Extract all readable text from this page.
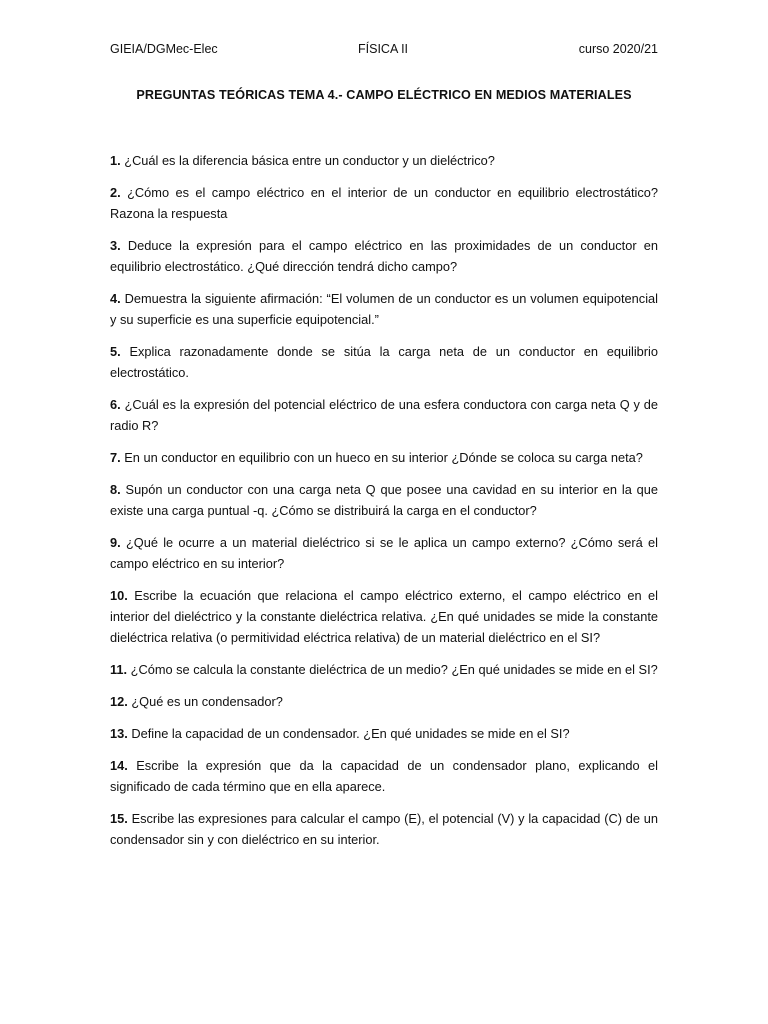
GIEIA/DGMec-Elec	FÍSICA II	curso 2020/21
PREGUNTAS TEÓRICAS TEMA 4.- CAMPO ELÉCTRICO EN MEDIOS MATERIALES

1. ¿Cuál es la diferencia básica entre un conductor y un dieléctrico?

2. ¿Cómo es el campo eléctrico en el interior de un conductor en equilibrio electrostático? Razona la respuesta

3. Deduce la expresión para el campo eléctrico en las proximidades de un conductor en equilibrio electrostático. ¿Qué dirección tendrá dicho campo?

4. Demuestra la siguiente afirmación: “El volumen de un conductor es un volumen equipotencial y su superficie es una superficie equipotencial.”

5. Explica razonadamente donde se sitúa la carga neta de un conductor en equilibrio electrostático.

6. ¿Cuál es la expresión del potencial eléctrico de una esfera conductora con carga neta Q y de radio R?

7. En un conductor en equilibrio con un hueco en su interior ¿Dónde se coloca su carga neta?

8. Supón un conductor con una carga neta Q que posee una cavidad en su interior en la que existe una carga puntual -q. ¿Cómo se distribuirá la carga en el conductor?

9. ¿Qué le ocurre a un material dieléctrico si se le aplica un campo externo? ¿Cómo será el campo eléctrico en su interior?

10. Escribe la ecuación que relaciona el campo eléctrico externo, el campo eléctrico en el interior del dieléctrico y la constante dieléctrica relativa. ¿En qué unidades se mide la constante dieléctrica relativa (o permitividad eléctrica relativa) de un material dieléctrico en el SI?

11. ¿Cómo se calcula la constante dieléctrica de un medio? ¿En qué unidades se mide en el SI?

12. ¿Qué es un condensador?

13. Define la capacidad de un condensador. ¿En qué unidades se mide en el SI?

14. Escribe la expresión que da la capacidad de un condensador plano, explicando el significado de cada término que en ella aparece.

15. Escribe las expresiones para calcular el campo (E), el potencial (V) y la capacidad (C) de un condensador sin y con dieléctrico en su interior.
